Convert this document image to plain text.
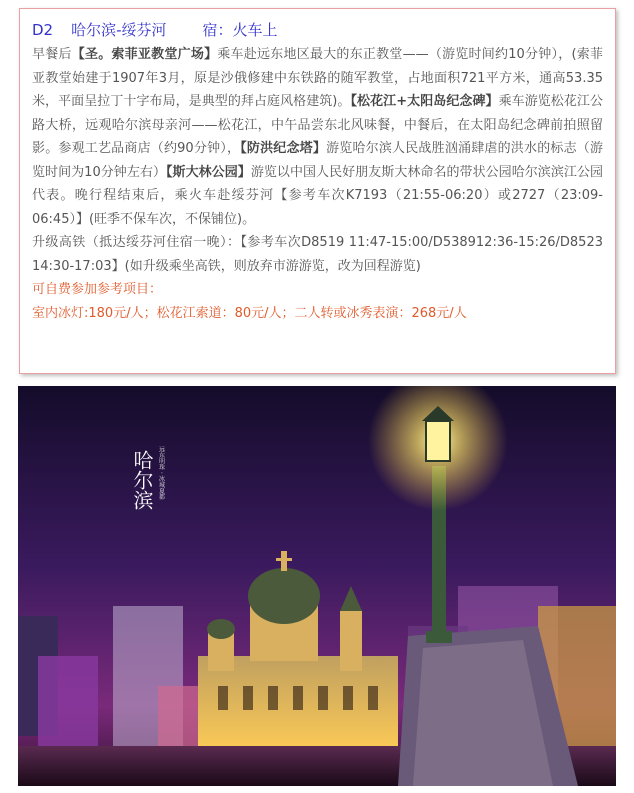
D2 哈尔滨-绥芬河 宿：火车上
早餐后【圣。索菲亚教堂广场】乘车赴远东地区最大的东正教堂——（游览时间约10分钟），(索菲亚教堂始建于1907年3月，原是沙俄修建中东铁路的随军教堂，占地面积721平方米，通高53.35米，平面呈拉丁十字布局，是典型的拜占庭风格建筑)。【松花江+太阳岛纪念碑】乘车游览松花江公路大桥，远观哈尔滨母亲河——松花江，中午品尝东北风味餐，中餐后，在太阳岛纪念碑前拍照留影。参观工艺品商店（约90分钟），【防洪纪念塔】游览哈尔滨人民战胜汹涌肆虐的洪水的标志（游览时间为10分钟左右）【斯大林公园】游览以中国人民好朋友斯大林命名的带状公园哈尔滨滨江公园代表。晚行程结束后，乘火车赴绥芬河【参考车次K7193（21:55-06:20）或2727（23:09-06:45）】(旺季不保车次，不保铺位)。
升级高铁（抵达绥芬河住宿一晚）：【参考车次D8519 11:47-15:00/D538912:36-15:26/D8523 14:30-17:03】(如升级乘坐高铁，则放弃市游游览，改为回程游览)
可自费参加参考项目：
室内冰灯:180元/人；松花江索道：80元/人；二人转或冰秀表演：268元/人
哈尔滨 远东明珠 · 冰城夏都
